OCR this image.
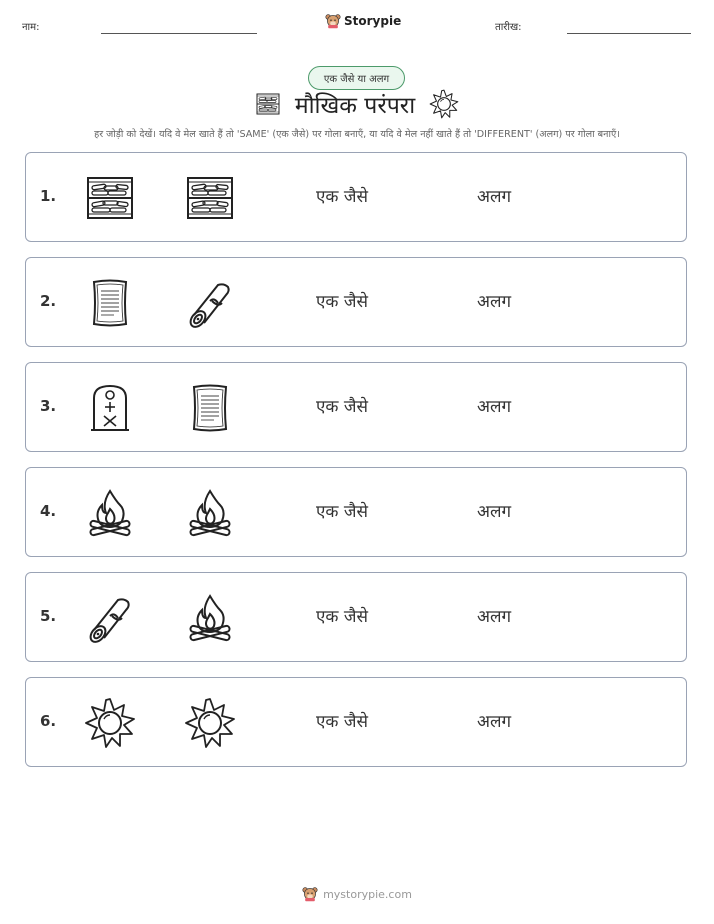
नाम:	Storypie	तारीख:
एक जैसे या अलग
मौखिक परंपरा
हर जोड़ी को देखें। यदि वे मेल खाते हैं तो 'SAME' (एक जैसे) पर गोला बनाएँ, या यदि वे मेल नहीं खाते हैं तो 'DIFFERENT' (अलग) पर गोला बनाएँ।
1.	एक जैसे	अलग
2.	एक जैसे	अलग
3.	एक जैसे	अलग
4.	एक जैसे	अलग
5.	एक जैसे	अलग
6.	एक जैसे	अलग
mystorypie.com
